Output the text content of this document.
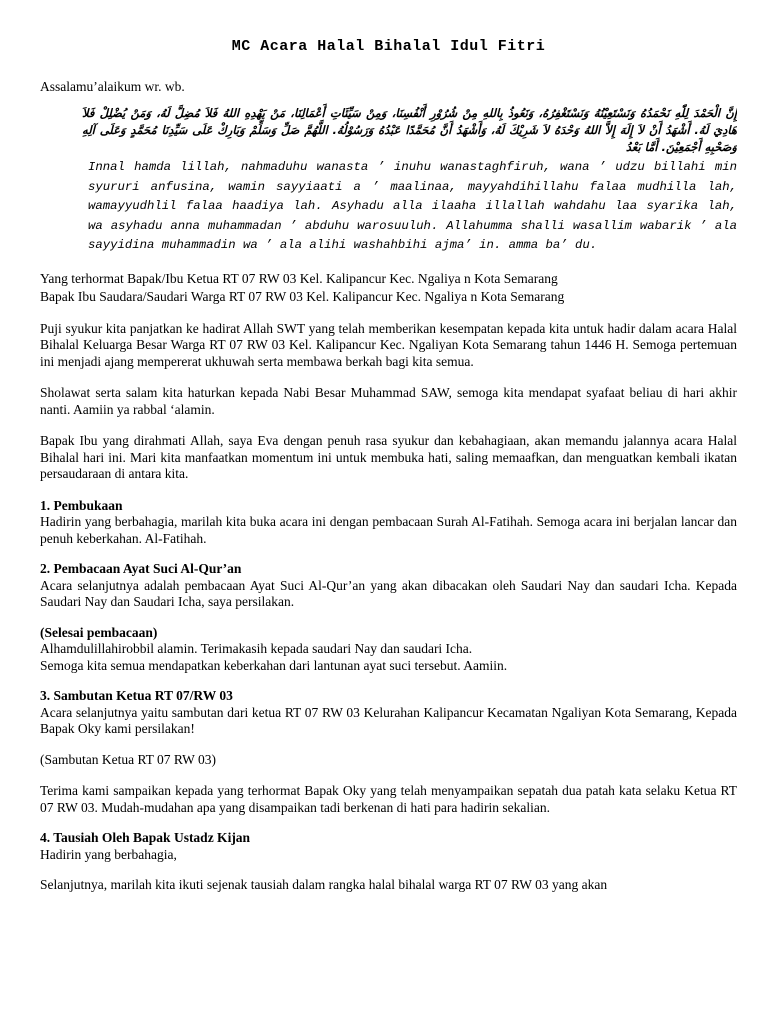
MC Acara Halal Bihalal Idul Fitri
Assalamu’alaikum wr. wb.
إِنَّ الْحَمْدَ لِلّٰهِ نَحْمَدُهُ وَنَسْتَعِيْنُهُ وَنَسْتَغْفِرُهُ، وَنَعُوذُ بِاللهِ مِنْ شُرُوْرِ أَنْفُسِنَا، وَمِنْ سَيِّئَاتِ أَعْمَالِنَا، مَنْ يَهْدِهِ اللهُ فَلاَ مُضِلَّ لَهُ، وَمَنْ يُضْلِلْ فَلاَ هَادِيَ لَهُ. أَشْهَدُ أَنْ لاَ إِلَهَ إِلاَّ اللهُ وَحْدَهُ لاَ شَرِيْكَ لَهُ، وَأَشْهَدُ أَنَّ مُحَمَّدًا عَبْدُهُ وَرَسُوْلُهُ. اللَّهُمَّ صَلِّ وَسَلِّمْ وَبَارِكْ عَلَى سَيِّدِنَا مُحَمَّدٍ وَعَلَى آلِهِ وَصَحْبِهِ أَجْمَعِيْنَ. أَمَّا بَعْدُ
Innal hamda lillah, nahmaduhu wanasta ’ inuhu wanastaghfiruh, wana ’ udzu billahi min syururi anfusina, wamin sayyiaati a ’ maalinaa, mayyahdihillahu falaa mudhilla lah, wamayyudhlil falaa haadiya lah. Asyhadu alla ilaaha illallah wahdahu laa syarika lah, wa asyhadu anna muhammadan ’ abduhu warosuuluh. Allahumma shalli wasallim wabarik ’ ala sayyidina muhammadin wa ’ ala alihi washahbihi ajma’ in. amma ba’ du.

Yang terhormat Bapak/Ibu Ketua RT 07 RW 03 Kel. Kalipancur Kec. Ngaliya n Kota Semarang

Bapak Ibu Saudara/Saudari Warga RT 07 RW 03 Kel. Kalipancur Kec. Ngaliya n Kota Semarang

Puji syukur kita panjatkan ke hadirat Allah SWT yang telah memberikan kesempatan kepada kita untuk hadir dalam acara Halal Bihalal Keluarga Besar Warga RT 07 RW 03 Kel. Kalipancur Kec. Ngaliyan Kota Semarang tahun 1446 H. Semoga pertemuan ini menjadi ajang mempererat ukhuwah serta membawa berkah bagi kita semua.

Sholawat serta salam kita haturkan kepada Nabi Besar Muhammad SAW, semoga kita mendapat syafaat beliau di hari akhir nanti. Aamiin ya rabbal ‘alamin.

Bapak Ibu yang dirahmati Allah, saya Eva dengan penuh rasa syukur dan kebahagiaan, akan memandu jalannya acara Halal Bihalal hari ini. Mari kita manfaatkan momentum ini untuk membuka hati, saling memaafkan, dan menguatkan kembali ikatan persaudaraan di antara kita.

1. Pembukaan

Hadirin yang berbahagia, marilah kita buka acara ini dengan pembacaan Surah Al-Fatihah. Semoga acara ini berjalan lancar dan penuh keberkahan. Al-Fatihah.

2. Pembacaan Ayat Suci Al-Qur’an

Acara selanjutnya adalah pembacaan Ayat Suci Al-Qur’an yang akan dibacakan oleh Saudari Nay dan saudari Icha. Kepada Saudari Nay dan Saudari Icha, saya persilakan.

(Selesai pembacaan)

Alhamdulillahirobbil alamin. Terimakasih kepada saudari Nay dan saudari Icha.

Semoga kita semua mendapatkan keberkahan dari lantunan ayat suci tersebut. Aamiin.

3. Sambutan Ketua RT 07/RW 03

Acara selanjutnya yaitu sambutan dari ketua RT 07 RW 03 Kelurahan Kalipancur Kecamatan Ngaliyan Kota Semarang, Kepada Bapak Oky kami persilakan!

(Sambutan Ketua RT 07 RW 03)

Terima kami sampaikan kepada yang terhormat Bapak Oky yang telah menyampaikan sepatah dua patah kata selaku Ketua RT 07 RW 03. Mudah-mudahan apa yang disampaikan tadi berkenan di hati para hadirin sekalian.

4. Tausiah Oleh Bapak Ustadz Kijan

Hadirin yang berbahagia,

Selanjutnya, marilah kita ikuti sejenak tausiah dalam rangka halal bihalal warga RT 07 RW 03 yang akan
